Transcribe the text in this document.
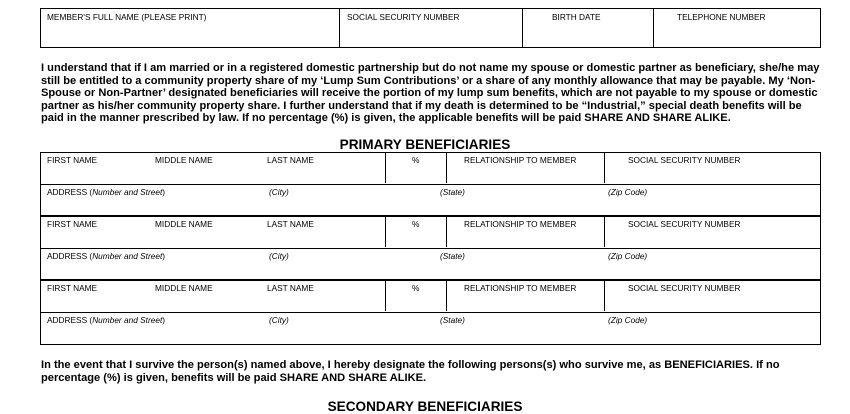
MEMBER'S FULL NAME (PLEASE PRINT)	SOCIAL SECURITY NUMBER	BIRTH DATE	TELEPHONE NUMBER
I understand that if I am married or in a registered domestic partnership but do not name my spouse or domestic partner as beneficiary, she/he may still be entitled to a community property share of my ‘Lump Sum Contributions’ or a share of any monthly allowance that may be payable. My ‘Non-Spouse or Non-Partner’ designated beneficiaries will receive the portion of my lump sum benefits, which are not payable to my spouse or domestic partner as his/her community property share. I further understand that if my death is determined to be “Industrial,” special death benefits will be paid in the manner prescribed by law. If no percentage (%) is given, the applicable benefits will be paid SHARE AND SHARE ALIKE.
PRIMARY BENEFICIARIES
FIRST NAME	MIDDLE NAME	LAST NAME	%	RELATIONSHIP TO MEMBER	SOCIAL SECURITY NUMBER
ADDRESS (Number and Street)	(City)	(State)	(Zip Code)
FIRST NAME	MIDDLE NAME	LAST NAME	%	RELATIONSHIP TO MEMBER	SOCIAL SECURITY NUMBER
ADDRESS (Number and Street)	(City)	(State)	(Zip Code)
FIRST NAME	MIDDLE NAME	LAST NAME	%	RELATIONSHIP TO MEMBER	SOCIAL SECURITY NUMBER
ADDRESS (Number and Street)	(City)	(State)	(Zip Code)
In the event that I survive the person(s) named above, I hereby designate the following persons(s) who survive me, as BENEFICIARIES. If no percentage (%) is given, benefits will be paid SHARE AND SHARE ALIKE.
SECONDARY BENEFICIARIES
